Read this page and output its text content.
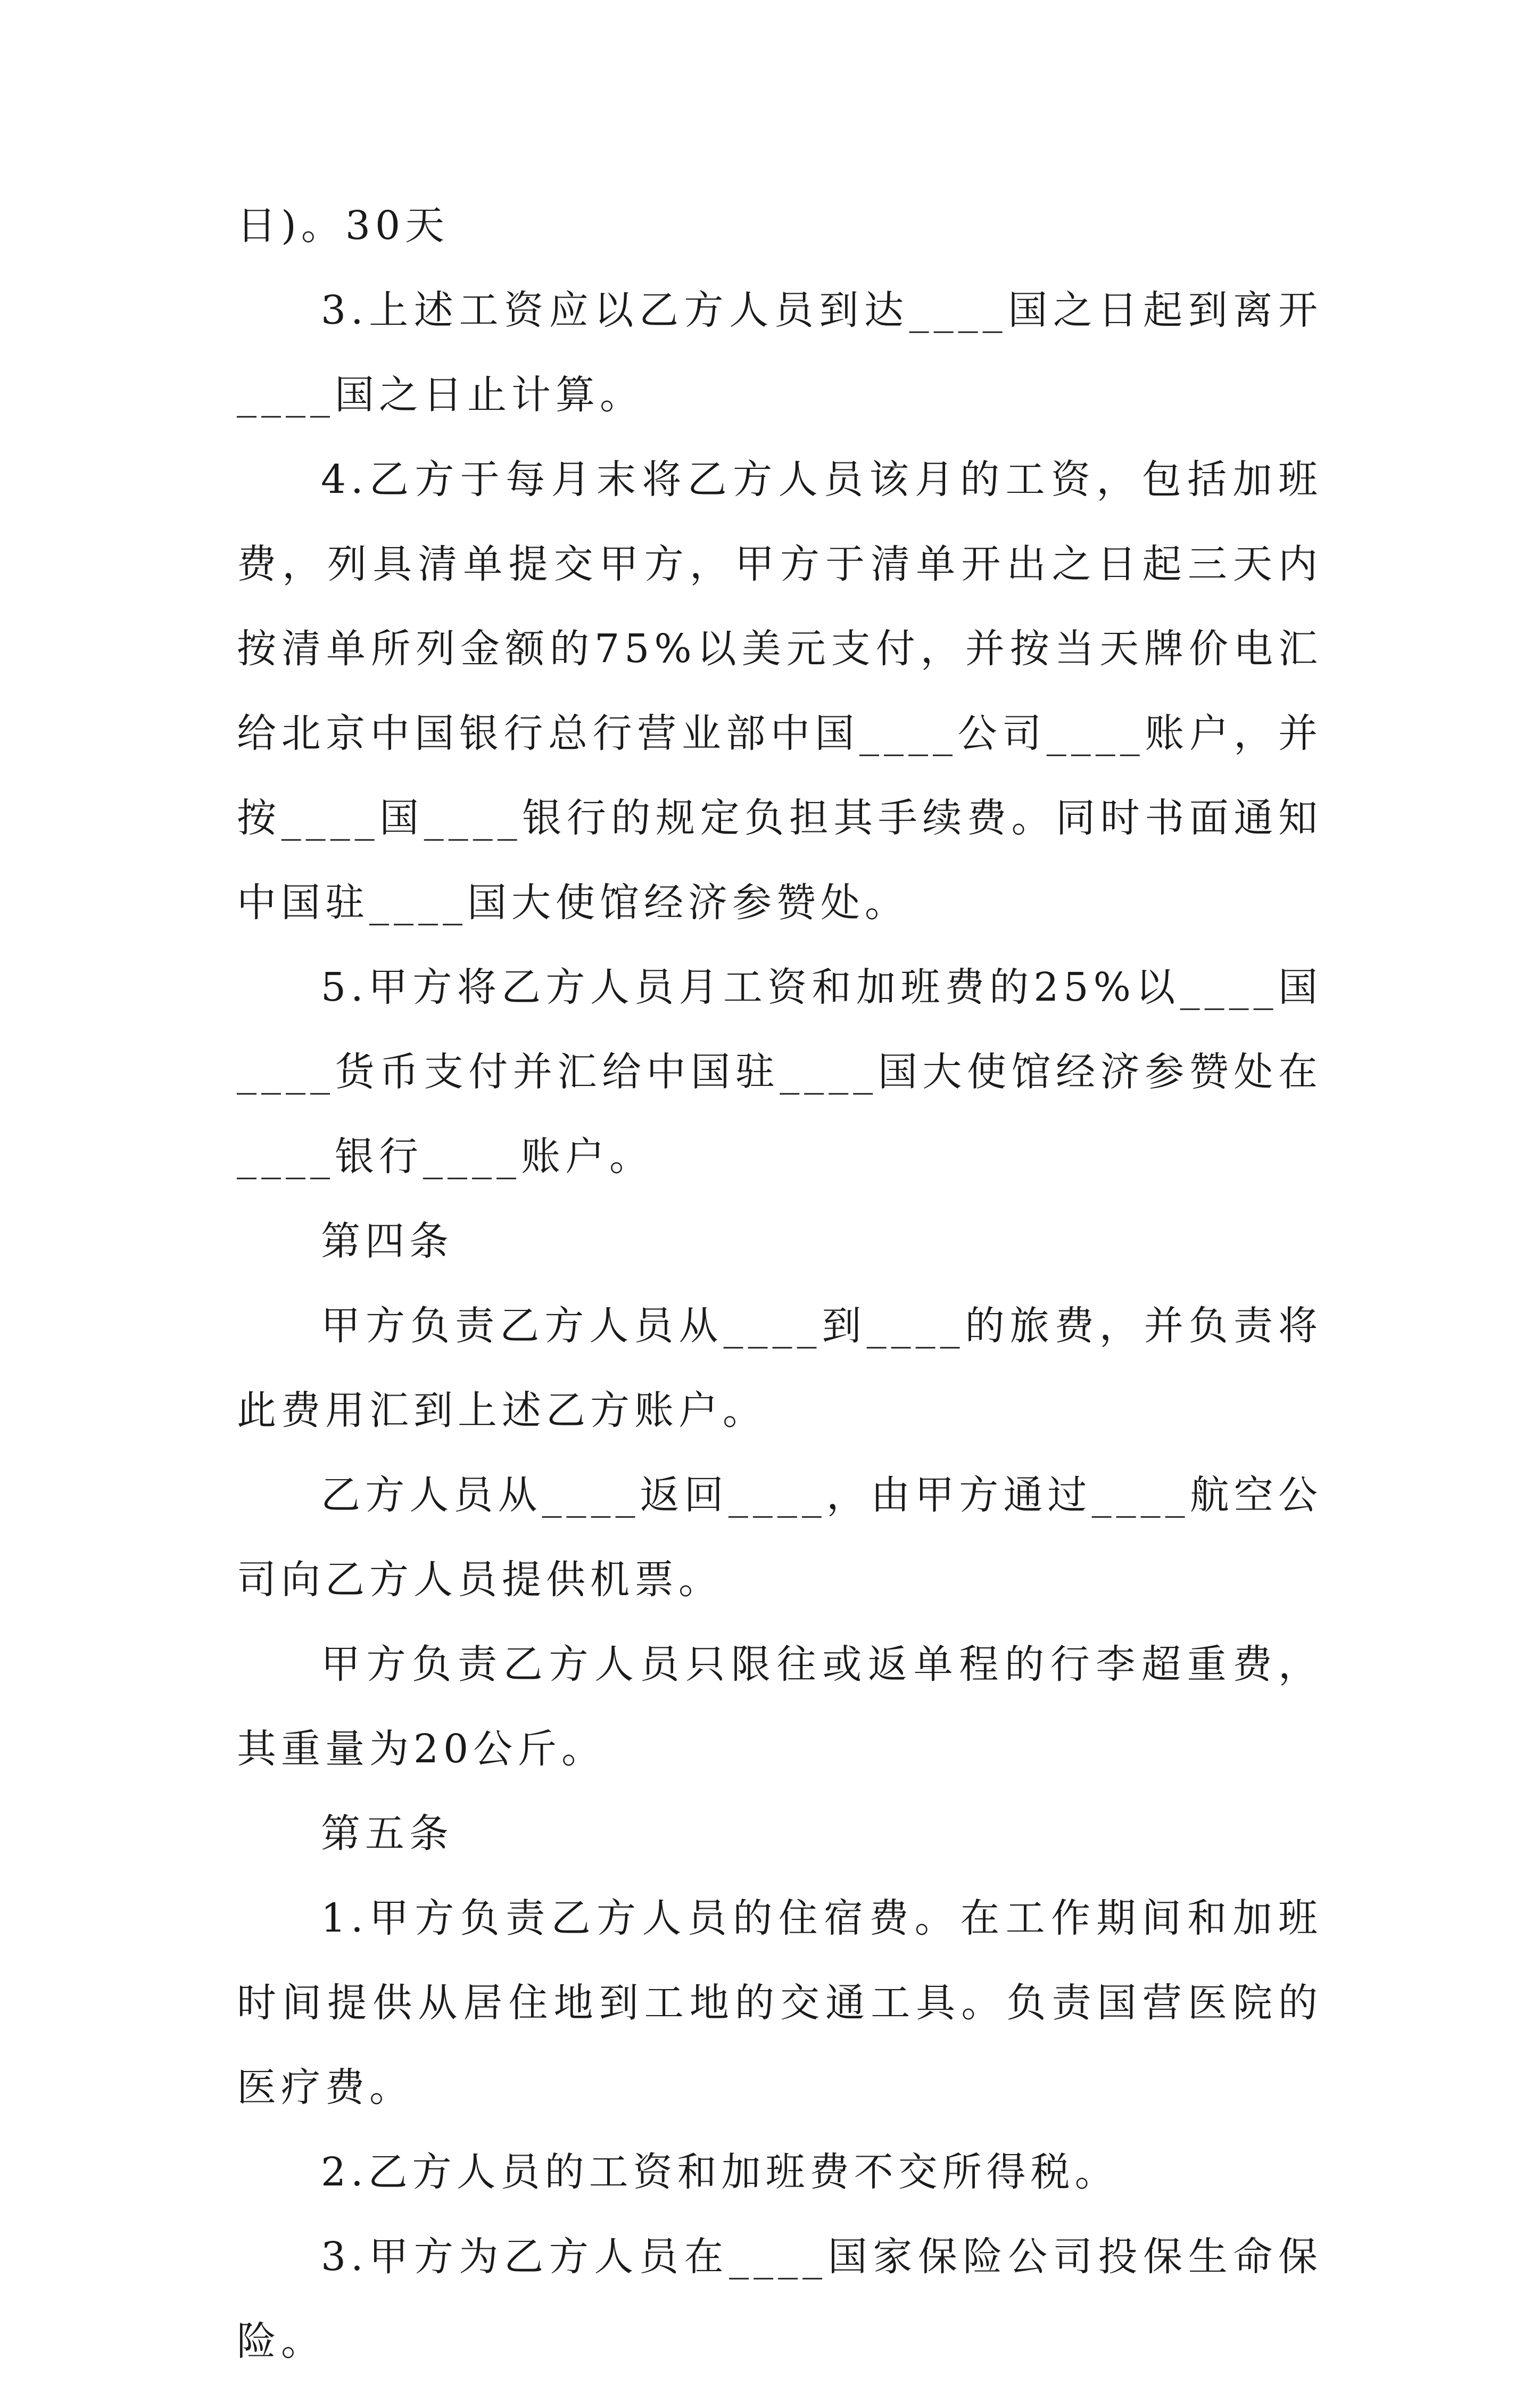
日)。30天

3.上述工资应以乙方人员到达____国之日起到离开____国之日止计算。

4.乙方于每月末将乙方人员该月的工资，包括加班费，列具清单提交甲方，甲方于清单开出之日起三天内按清单所列金额的75%以美元支付，并按当天牌价电汇给北京中国银行总行营业部中国____公司____账户，并按____国____银行的规定负担其手续费。同时书面通知中国驻____国大使馆经济参赞处。

5.甲方将乙方人员月工资和加班费的25%以____国____货币支付并汇给中国驻____国大使馆经济参赞处在____银行____账户。

第四条

甲方负责乙方人员从____到____的旅费，并负责将此费用汇到上述乙方账户。

乙方人员从____返回____，由甲方通过____航空公司向乙方人员提供机票。

甲方负责乙方人员只限往或返单程的行李超重费，其重量为20公斤。

第五条

1.甲方负责乙方人员的住宿费。在工作期间和加班时间提供从居住地到工地的交通工具。负责国营医院的医疗费。

2.乙方人员的工资和加班费不交所得税。

3.甲方为乙方人员在____国家保险公司投保生命保险。
